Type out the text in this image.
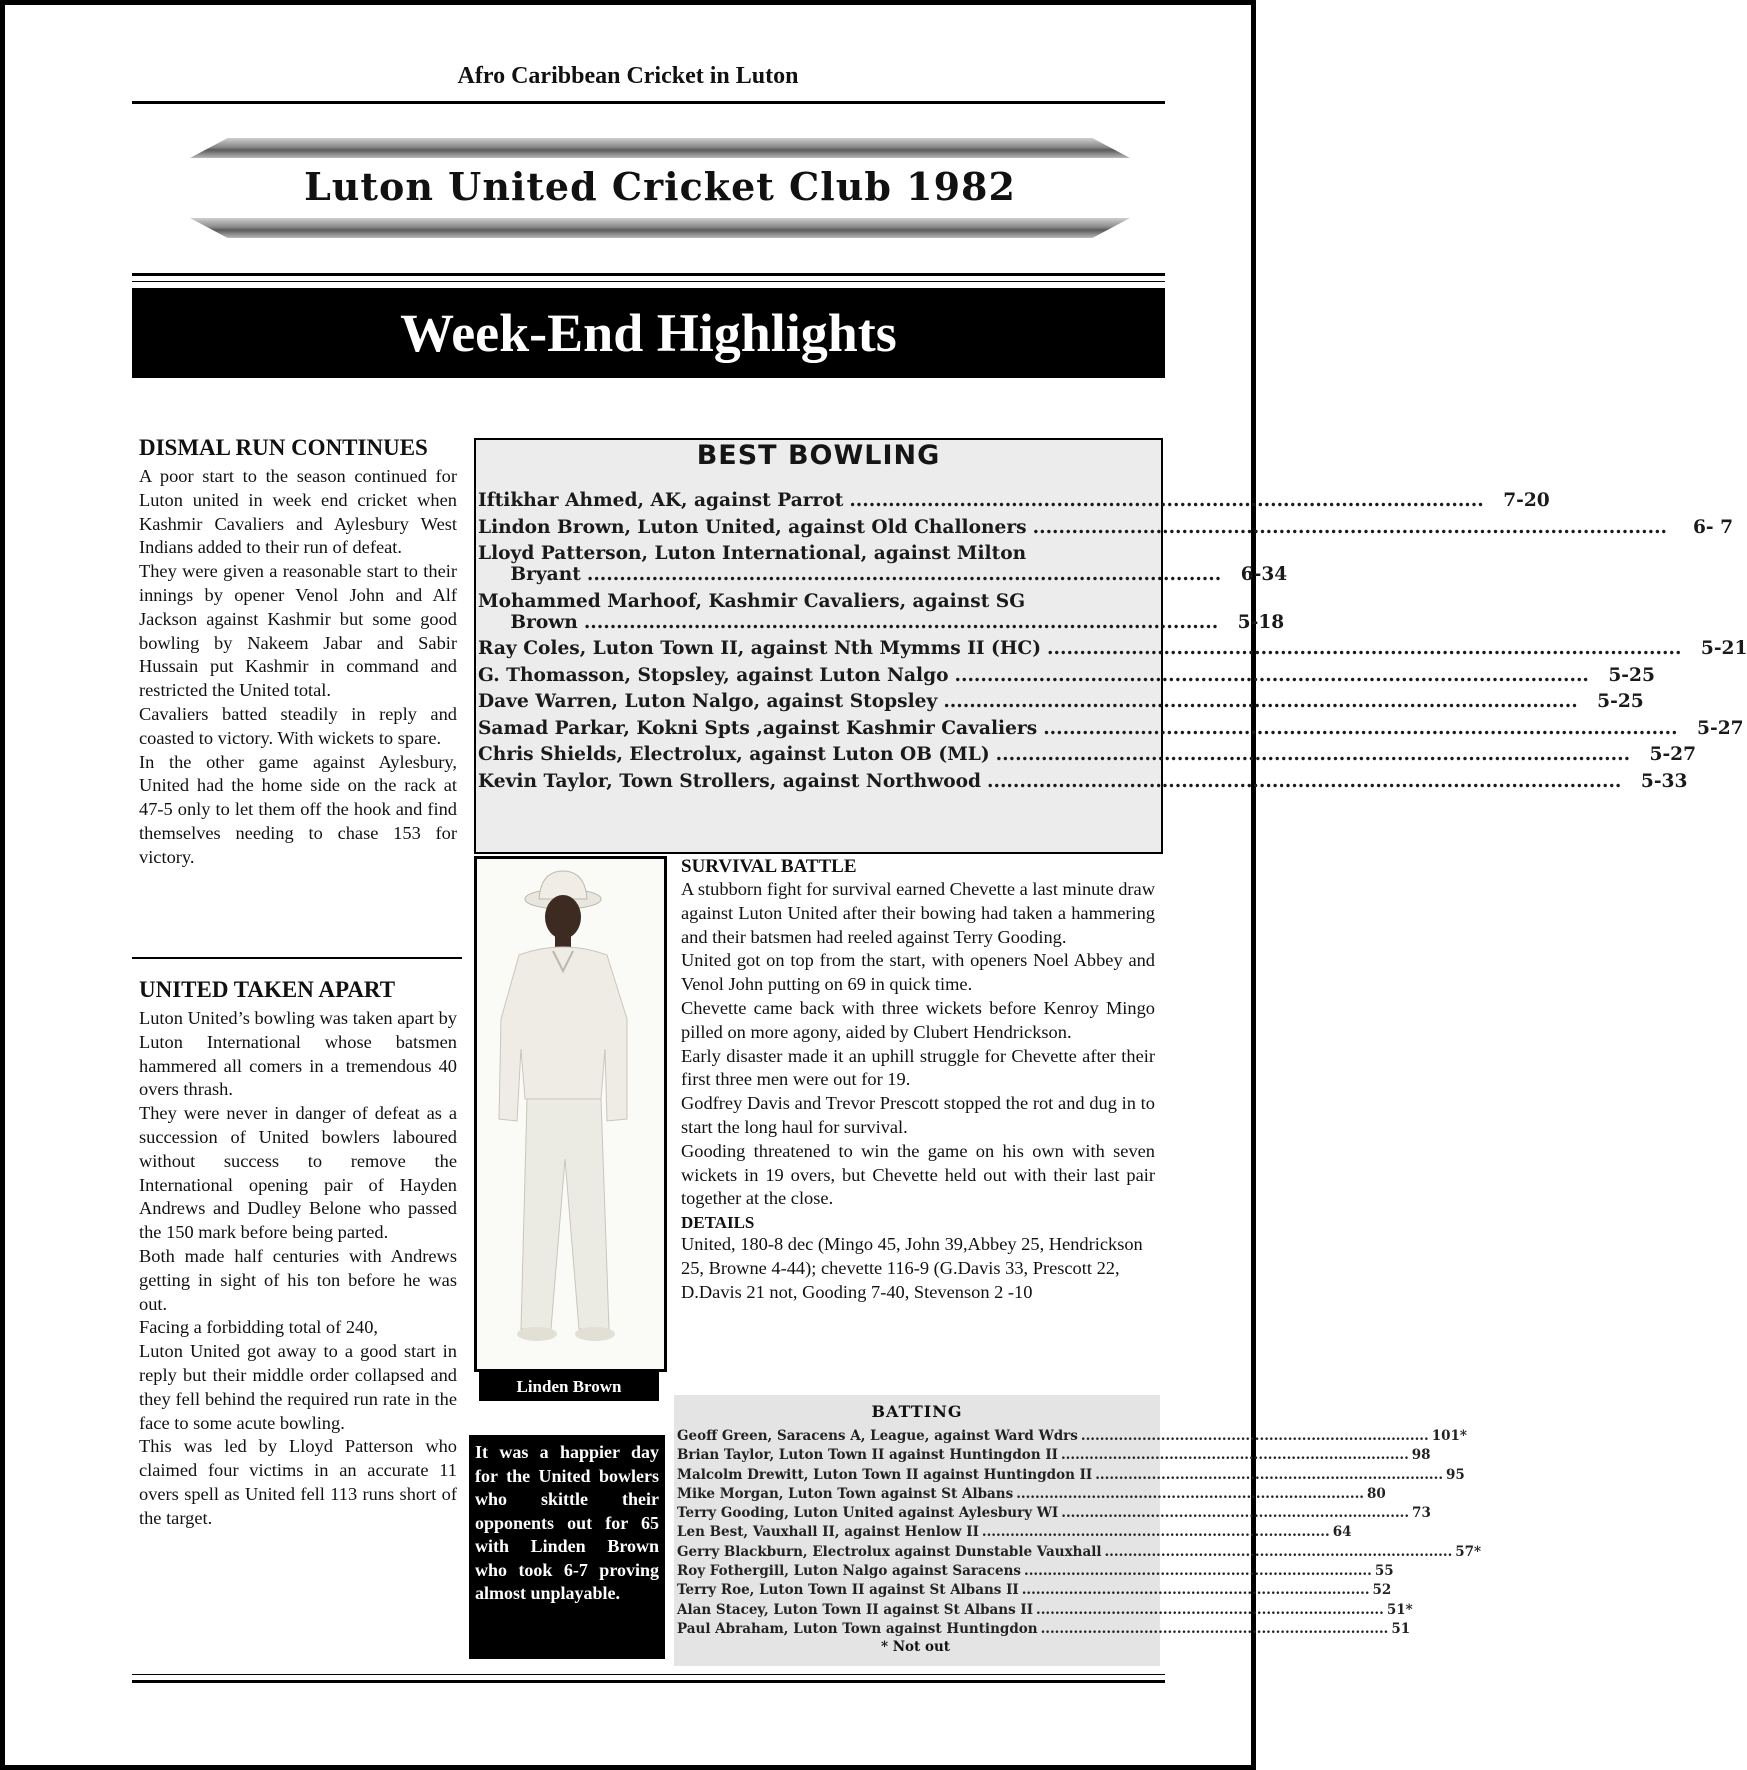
Afro Caribbean Cricket in Luton
Luton United Cricket Club 1982
Week-End Highlights
DISMAL RUN CONTINUES

A poor start to the season continued for Luton united in week end cricket when Kashmir Cavaliers and Aylesbury West Indians added to their run of defeat.

They were given a reasonable start to their innings by opener Venol John and Alf Jackson against Kashmir but some good bowling by Nakeem Jabar and Sabir Hussain put Kashmir in command and restricted the United total.

Cavaliers batted steadily in reply and coasted to victory. With wickets to spare.

In the other game against Aylesbury, United had the home side on the rack at 47-5 only to let them off the hook and find themselves needing to chase 153 for victory.

UNITED TAKEN APART

Luton United’s bowling was taken apart by Luton International whose batsmen hammered all comers in a tremendous 40 overs thrash.

They were never in danger of defeat as a succession of United bowlers laboured without success to remove the International opening pair of Hayden Andrews and Dudley Belone who passed the 150 mark before being parted.

Both made half centuries with Andrews getting in sight of his ton before he was out.

Facing a forbidding total of 240,

Luton United got away to a good start in reply but their middle order collapsed and they fell behind the required run rate in the face to some acute bowling.

This was led by Lloyd Patterson who claimed four victims in an accurate 11 overs spell as United fell 113 runs short of the target.

BEST BOWLING
Iftikhar Ahmed, AK, against Parrot ..................................................................................................	7-20
Lindon Brown, Luton United, against Old Challoners ..................................................................................................	6- 7
Lloyd Patterson, Luton International, against Milton
Bryant ..................................................................................................	6-34
Mohammed Marhoof, Kashmir Cavaliers, against SG
Brown ..................................................................................................	5-18
Ray Coles, Luton Town II, against Nth Mymms II (HC) ..................................................................................................	5-21
G. Thomasson, Stopsley, against Luton Nalgo ..................................................................................................	5-25
Dave Warren, Luton Nalgo, against Stopsley ..................................................................................................	5-25
Samad Parkar, Kokni Spts ,against Kashmir Cavaliers ..................................................................................................	5-27
Chris Shields, Electrolux, against Luton OB (ML) ..................................................................................................	5-27
Kevin Taylor, Town Strollers, against Northwood ..................................................................................................	5-33
Linden Brown

It was a happier day for the United bowlers who skittle their opponents out for 65 with Linden Brown who took 6-7 proving almost unplayable.

SURVIVAL BATTLE

A stubborn fight for survival earned Chevette a last minute draw against Luton United after their bowing had taken a hammering and their batsmen had reeled against Terry Gooding.

United got on top from the start, with openers Noel Abbey and Venol John putting on 69 in quick time.

Chevette came back with three wickets before Kenroy Mingo pilled on more agony, aided by Clubert Hendrickson.

Early disaster made it an uphill struggle for Chevette after their first three men were out for 19.

Godfrey Davis and Trevor Prescott stopped the rot and dug in to start the long haul for survival.

Gooding threatened to win the game on his own with seven wickets in 19 overs, but Chevette held out with their last pair together at the close.

DETAILS

United, 180-8 dec (Mingo 45, John 39,Abbey 25, Hendrickson 25, Browne 4-44); chevette 116-9 (G.Davis 33, Prescott 22, D.Davis 21 not, Gooding 7-40, Stevenson 2 -10

BATTING
Geoff Green, Saracens A, League, against Ward Wdrs .......................................................................... 101*
Brian Taylor, Luton Town II against Huntingdon II .......................................................................... 98
Malcolm Drewitt, Luton Town II against Huntingdon II .......................................................................... 95
Mike Morgan, Luton Town against St Albans .......................................................................... 80
Terry Gooding, Luton United against Aylesbury WI .......................................................................... 73
Len Best, Vauxhall II, against Henlow II .......................................................................... 64
Gerry Blackburn, Electrolux against Dunstable Vauxhall .......................................................................... 57*
Roy Fothergill, Luton Nalgo against Saracens .......................................................................... 55
Terry Roe, Luton Town II against St Albans II .......................................................................... 52
Alan Stacey, Luton Town II against St Albans II .......................................................................... 51*
Paul Abraham, Luton Town against Huntingdon .......................................................................... 51
* Not out
